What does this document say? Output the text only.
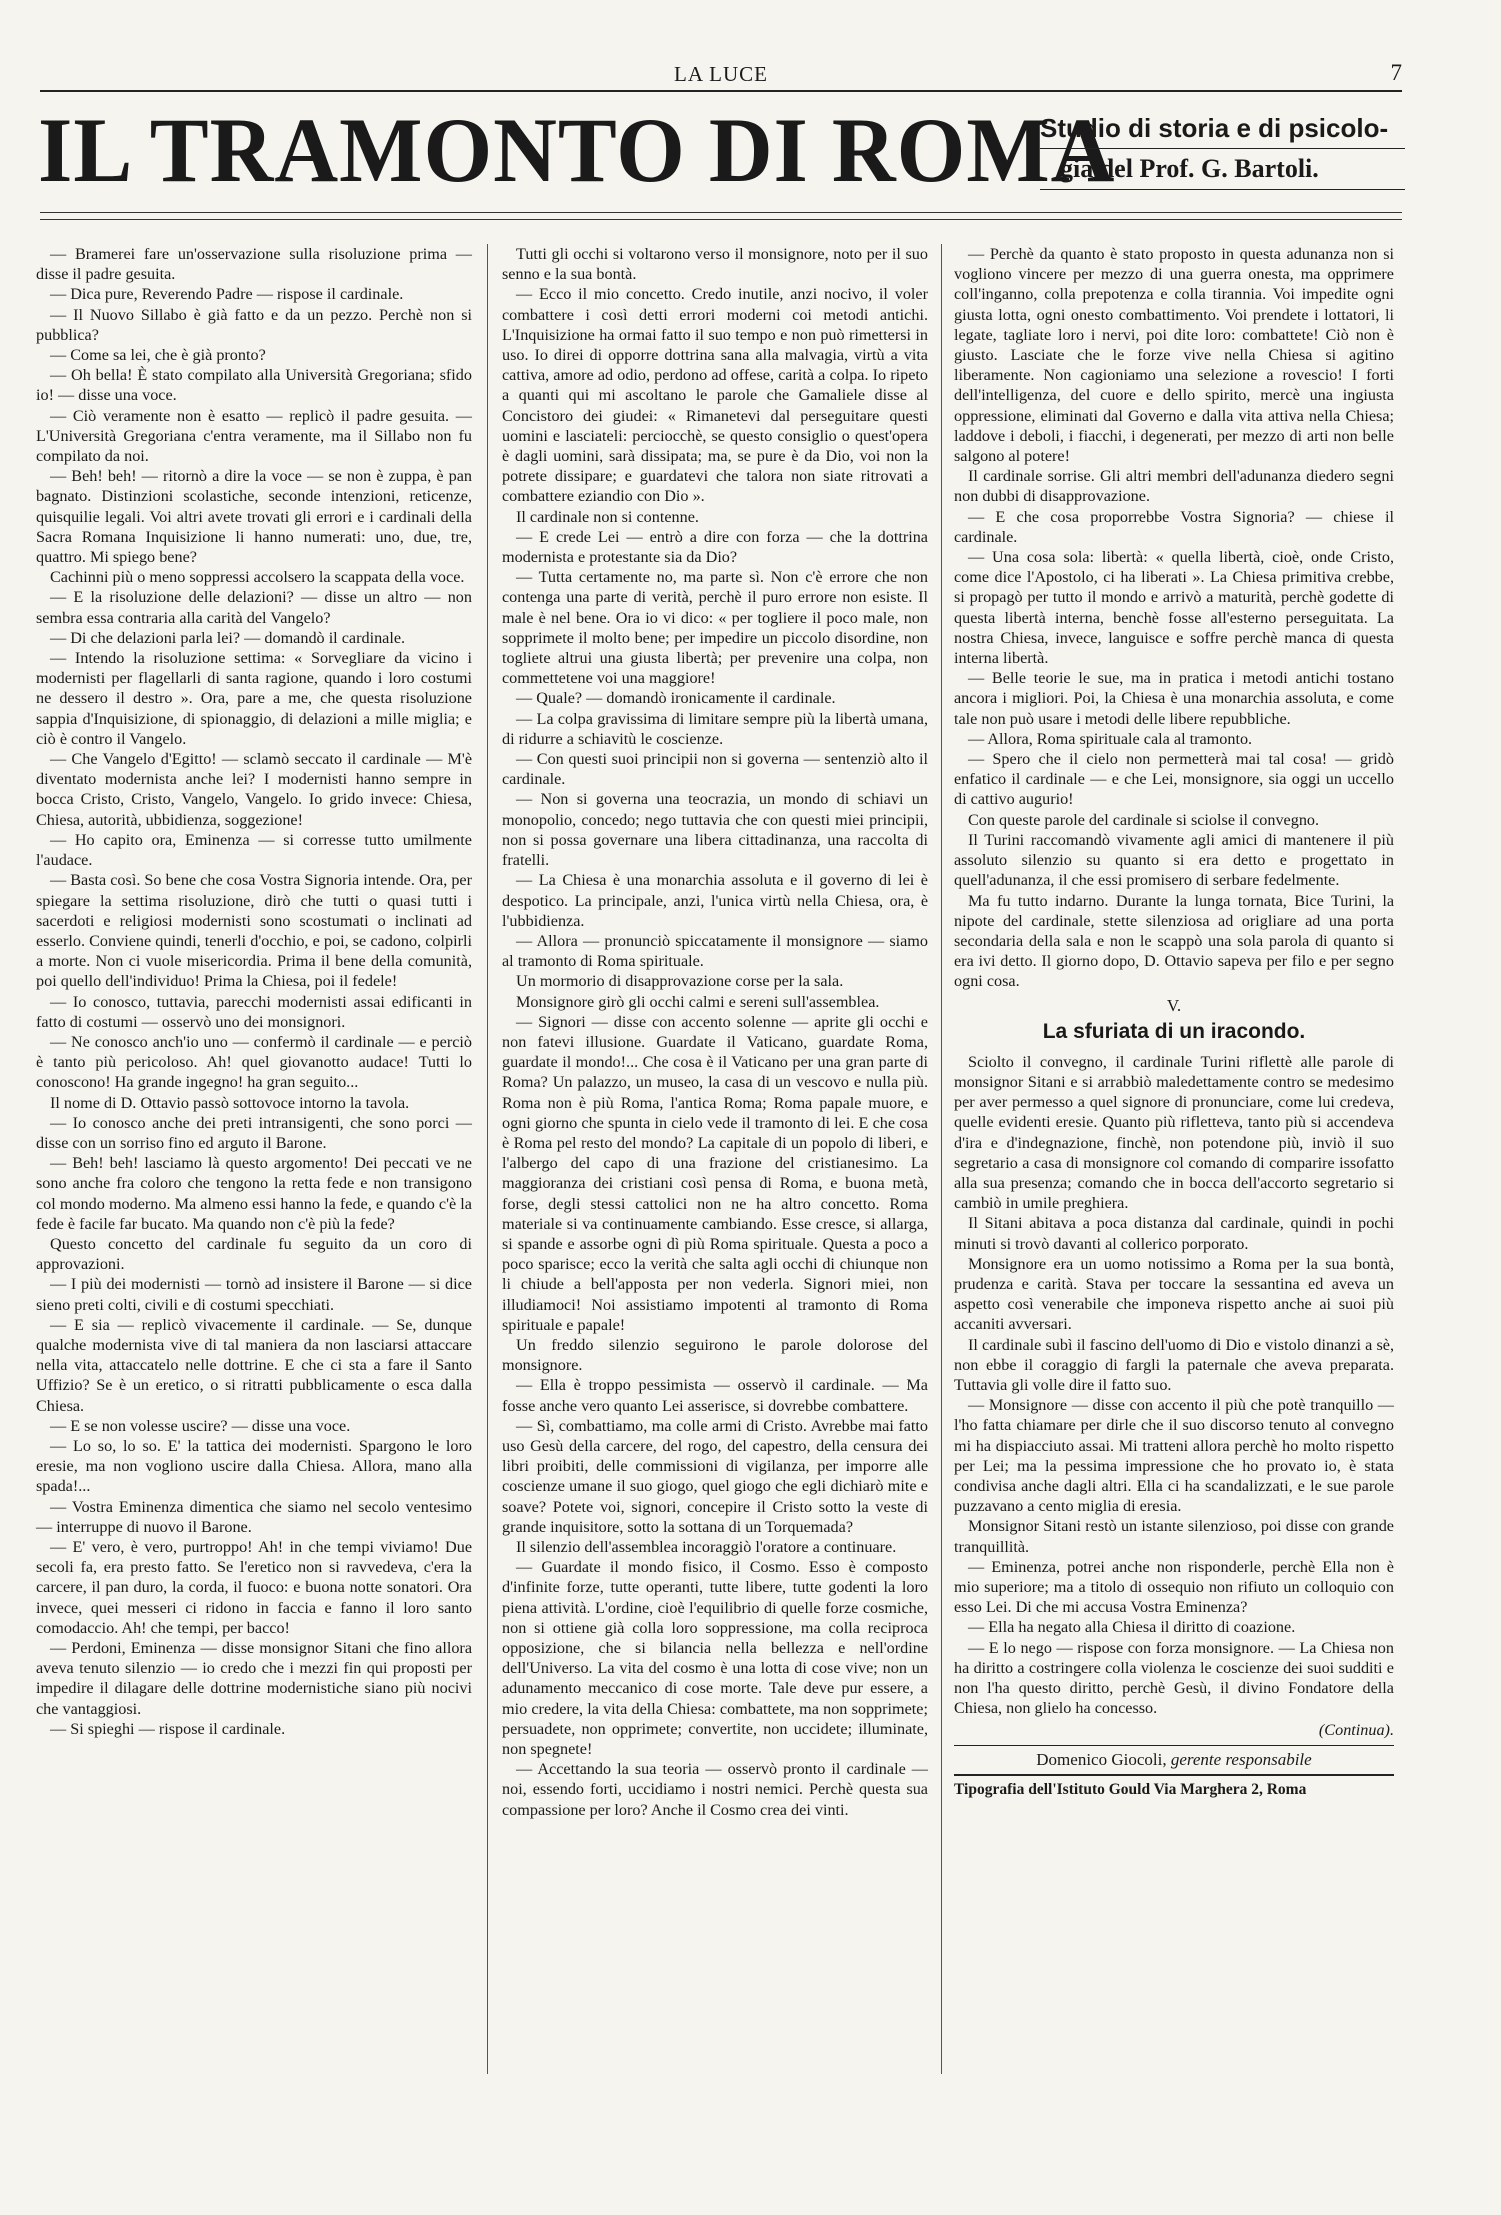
LA LUCE	7
IL TRAMONTO DI ROMA
Studio di storia e di psicolo-
gia del Prof. G. Bartoli.

— Bramerei fare un'osservazione sulla risoluzione prima — disse il padre gesuita.

— Dica pure, Reverendo Padre — rispose il cardinale.

— Il Nuovo Sillabo è già fatto e da un pezzo. Perchè non si pubblica?

— Come sa lei, che è già pronto?

— Oh bella! È stato compilato alla Università Gregoriana; sfido io! — disse una voce.

— Ciò veramente non è esatto — replicò il padre gesuita. — L'Università Gregoriana c'entra veramente, ma il Sillabo non fu compilato da noi.

— Beh! beh! — ritornò a dire la voce — se non è zuppa, è pan bagnato. Distinzioni scolastiche, seconde intenzioni, reticenze, quisquilie legali. Voi altri avete trovati gli errori e i cardinali della Sacra Romana Inquisizione li hanno numerati: uno, due, tre, quattro. Mi spiego bene?

Cachinni più o meno soppressi accolsero la scappata della voce.

— E la risoluzione delle delazioni? — disse un altro — non sembra essa contraria alla carità del Vangelo?

— Di che delazioni parla lei? — domandò il cardinale.

— Intendo la risoluzione settima: « Sorvegliare da vicino i modernisti per flagellarli di santa ragione, quando i loro costumi ne dessero il destro ». Ora, pare a me, che questa risoluzione sappia d'Inquisizione, di spionaggio, di delazioni a mille miglia; e ciò è contro il Vangelo.

— Che Vangelo d'Egitto! — sclamò seccato il cardinale — M'è diventato modernista anche lei? I modernisti hanno sempre in bocca Cristo, Cristo, Vangelo, Vangelo. Io grido invece: Chiesa, Chiesa, autorità, ubbidienza, soggezione!

— Ho capito ora, Eminenza — si corresse tutto umilmente l'audace.

— Basta così. So bene che cosa Vostra Signoria intende. Ora, per spiegare la settima risoluzione, dirò che tutti o quasi tutti i sacerdoti e religiosi modernisti sono scostumati o inclinati ad esserlo. Conviene quindi, tenerli d'occhio, e poi, se cadono, colpirli a morte. Non ci vuole misericordia. Prima il bene della comunità, poi quello dell'individuo! Prima la Chiesa, poi il fedele!

— Io conosco, tuttavia, parecchi modernisti assai edificanti in fatto di costumi — osservò uno dei monsignori.

— Ne conosco anch'io uno — confermò il cardinale — e perciò è tanto più pericoloso. Ah! quel giovanotto audace! Tutti lo conoscono! Ha grande ingegno! ha gran seguito...

Il nome di D. Ottavio passò sottovoce intorno la tavola.

— Io conosco anche dei preti intransigenti, che sono porci — disse con un sorriso fino ed arguto il Barone.

— Beh! beh! lasciamo là questo argomento! Dei peccati ve ne sono anche fra coloro che tengono la retta fede e non transigono col mondo moderno. Ma almeno essi hanno la fede, e quando c'è la fede è facile far bucato. Ma quando non c'è più la fede?

Questo concetto del cardinale fu seguito da un coro di approvazioni.

— I più dei modernisti — tornò ad insistere il Barone — si dice sieno preti colti, civili e di costumi specchiati.

— E sia — replicò vivacemente il cardinale. — Se, dunque qualche modernista vive di tal maniera da non lasciarsi attaccare nella vita, attaccatelo nelle dottrine. E che ci sta a fare il Santo Uffizio? Se è un eretico, o si ritratti pubblicamente o esca dalla Chiesa.

— E se non volesse uscire? — disse una voce.

— Lo so, lo so. E' la tattica dei modernisti. Spargono le loro eresie, ma non vogliono uscire dalla Chiesa. Allora, mano alla spada!...

— Vostra Eminenza dimentica che siamo nel secolo ventesimo — interruppe di nuovo il Barone.

— E' vero, è vero, purtroppo! Ah! in che tempi viviamo! Due secoli fa, era presto fatto. Se l'eretico non si ravvedeva, c'era la carcere, il pan duro, la corda, il fuoco: e buona notte sonatori. Ora invece, quei messeri ci ridono in faccia e fanno il loro santo comodaccio. Ah! che tempi, per bacco!

— Perdoni, Eminenza — disse monsignor Sitani che fino allora aveva tenuto silenzio — io credo che i mezzi fin qui proposti per impedire il dilagare delle dottrine modernistiche siano più nocivi che vantaggiosi.

— Si spieghi — rispose il cardinale.

Tutti gli occhi si voltarono verso il monsignore, noto per il suo senno e la sua bontà.

— Ecco il mio concetto. Credo inutile, anzi nocivo, il voler combattere i così detti errori moderni coi metodi antichi. L'Inquisizione ha ormai fatto il suo tempo e non può rimettersi in uso. Io direi di opporre dottrina sana alla malvagia, virtù a vita cattiva, amore ad odio, perdono ad offese, carità a colpa. Io ripeto a quanti qui mi ascoltano le parole che Gamaliele disse al Concistoro dei giudei: « Rimanetevi dal perseguitare questi uomini e lasciateli: perciocchè, se questo consiglio o quest'opera è dagli uomini, sarà dissipata; ma, se pure è da Dio, voi non la potrete dissipare; e guardatevi che talora non siate ritrovati a combattere eziandio con Dio ».

Il cardinale non si contenne.

— E crede Lei — entrò a dire con forza — che la dottrina modernista e protestante sia da Dio?

— Tutta certamente no, ma parte sì. Non c'è errore che non contenga una parte di verità, perchè il puro errore non esiste. Il male è nel bene. Ora io vi dico: « per togliere il poco male, non sopprimete il molto bene; per impedire un piccolo disordine, non togliete altrui una giusta libertà; per prevenire una colpa, non commettetene voi una maggiore!

— Quale? — domandò ironicamente il cardinale.

— La colpa gravissima di limitare sempre più la libertà umana, di ridurre a schiavitù le coscienze.

— Con questi suoi principii non si governa — sentenziò alto il cardinale.

— Non si governa una teocrazia, un mondo di schiavi un monopolio, concedo; nego tuttavia che con questi miei principii, non si possa governare una libera cittadinanza, una raccolta di fratelli.

— La Chiesa è una monarchia assoluta e il governo di lei è despotico. La principale, anzi, l'unica virtù nella Chiesa, ora, è l'ubbidienza.

— Allora — pronunciò spiccatamente il monsignore — siamo al tramonto di Roma spirituale.

Un mormorio di disapprovazione corse per la sala.

Monsignore girò gli occhi calmi e sereni sull'assemblea.

— Signori — disse con accento solenne — aprite gli occhi e non fatevi illusione. Guardate il Vaticano, guardate Roma, guardate il mondo!... Che cosa è il Vaticano per una gran parte di Roma? Un palazzo, un museo, la casa di un vescovo e nulla più. Roma non è più Roma, l'antica Roma; Roma papale muore, e ogni giorno che spunta in cielo vede il tramonto di lei. E che cosa è Roma pel resto del mondo? La capitale di un popolo di liberi, e l'albergo del capo di una frazione del cristianesimo. La maggioranza dei cristiani così pensa di Roma, e buona metà, forse, degli stessi cattolici non ne ha altro concetto. Roma materiale si va continuamente cambiando. Esse cresce, si allarga, si spande e assorbe ogni dì più Roma spirituale. Questa a poco a poco sparisce; ecco la verità che salta agli occhi di chiunque non li chiude a bell'apposta per non vederla. Signori miei, non illudiamoci! Noi assistiamo impotenti al tramonto di Roma spirituale e papale!

Un freddo silenzio seguirono le parole dolorose del monsignore.

— Ella è troppo pessimista — osservò il cardinale. — Ma fosse anche vero quanto Lei asserisce, si dovrebbe combattere.

— Sì, combattiamo, ma colle armi di Cristo. Avrebbe mai fatto uso Gesù della carcere, del rogo, del capestro, della censura dei libri proibiti, delle commissioni di vigilanza, per imporre alle coscienze umane il suo giogo, quel giogo che egli dichiarò mite e soave? Potete voi, signori, concepire il Cristo sotto la veste di grande inquisitore, sotto la sottana di un Torquemada?

Il silenzio dell'assemblea incoraggiò l'oratore a continuare.

— Guardate il mondo fisico, il Cosmo. Esso è composto d'infinite forze, tutte operanti, tutte libere, tutte godenti la loro piena attività. L'ordine, cioè l'equilibrio di quelle forze cosmiche, non si ottiene già colla loro soppressione, ma colla reciproca opposizione, che si bilancia nella bellezza e nell'ordine dell'Universo. La vita del cosmo è una lotta di cose vive; non un adunamento meccanico di cose morte. Tale deve pur essere, a mio credere, la vita della Chiesa: combattete, ma non sopprimete; persuadete, non opprimete; convertite, non uccidete; illuminate, non spegnete!

— Accettando la sua teoria — osservò pronto il cardinale — noi, essendo forti, uccidiamo i nostri nemici. Perchè questa sua compassione per loro? Anche il Cosmo crea dei vinti.

— Perchè da quanto è stato proposto in questa adunanza non si vogliono vincere per mezzo di una guerra onesta, ma opprimere coll'inganno, colla prepotenza e colla tirannia. Voi impedite ogni giusta lotta, ogni onesto combattimento. Voi prendete i lottatori, li legate, tagliate loro i nervi, poi dite loro: combattete! Ciò non è giusto. Lasciate che le forze vive nella Chiesa si agitino liberamente. Non cagioniamo una selezione a rovescio! I forti dell'intelligenza, del cuore e dello spirito, mercè una ingiusta oppressione, eliminati dal Governo e dalla vita attiva nella Chiesa; laddove i deboli, i fiacchi, i degenerati, per mezzo di arti non belle salgono al potere!

Il cardinale sorrise. Gli altri membri dell'adunanza diedero segni non dubbi di disapprovazione.

— E che cosa proporrebbe Vostra Signoria? — chiese il cardinale.

— Una cosa sola: libertà: « quella libertà, cioè, onde Cristo, come dice l'Apostolo, ci ha liberati ». La Chiesa primitiva crebbe, si propagò per tutto il mondo e arrivò a maturità, perchè godette di questa libertà interna, benchè fosse all'esterno perseguitata. La nostra Chiesa, invece, languisce e soffre perchè manca di questa interna libertà.

— Belle teorie le sue, ma in pratica i metodi antichi tostano ancora i migliori. Poi, la Chiesa è una monarchia assoluta, e come tale non può usare i metodi delle libere repubbliche.

— Allora, Roma spirituale cala al tramonto.

— Spero che il cielo non permetterà mai tal cosa! — gridò enfatico il cardinale — e che Lei, monsignore, sia oggi un uccello di cattivo augurio!

Con queste parole del cardinale si sciolse il convegno.

Il Turini raccomandò vivamente agli amici di mantenere il più assoluto silenzio su quanto si era detto e progettato in quell'adunanza, il che essi promisero di serbare fedelmente.

Ma fu tutto indarno. Durante la lunga tornata, Bice Turini, la nipote del cardinale, stette silenziosa ad origliare ad una porta secondaria della sala e non le scappò una sola parola di quanto si era ivi detto. Il giorno dopo, D. Ottavio sapeva per filo e per segno ogni cosa.

V.
La sfuriata di un iracondo.

Sciolto il convegno, il cardinale Turini riflettè alle parole di monsignor Sitani e si arrabbiò maledettamente contro se medesimo per aver permesso a quel signore di pronunciare, come lui credeva, quelle evidenti eresie. Quanto più rifletteva, tanto più si accendeva d'ira e d'indegnazione, finchè, non potendone più, inviò il suo segretario a casa di monsignore col comando di comparire issofatto alla sua presenza; comando che in bocca dell'accorto segretario si cambiò in umile preghiera.

Il Sitani abitava a poca distanza dal cardinale, quindi in pochi minuti si trovò davanti al collerico porporato.

Monsignore era un uomo notissimo a Roma per la sua bontà, prudenza e carità. Stava per toccare la sessantina ed aveva un aspetto così venerabile che imponeva rispetto anche ai suoi più accaniti avversari.

Il cardinale subì il fascino dell'uomo di Dio e vistolo dinanzi a sè, non ebbe il coraggio di fargli la paternale che aveva preparata. Tuttavia gli volle dire il fatto suo.

— Monsignore — disse con accento il più che potè tranquillo — l'ho fatta chiamare per dirle che il suo discorso tenuto al convegno mi ha dispiacciuto assai. Mi tratteni allora perchè ho molto rispetto per Lei; ma la pessima impressione che ho provato io, è stata condivisa anche dagli altri. Ella ci ha scandalizzati, e le sue parole puzzavano a cento miglia di eresia.

Monsignor Sitani restò un istante silenzioso, poi disse con grande tranquillità.

— Eminenza, potrei anche non risponderle, perchè Ella non è mio superiore; ma a titolo di ossequio non rifiuto un colloquio con esso Lei. Di che mi accusa Vostra Eminenza?

— Ella ha negato alla Chiesa il diritto di coazione.

— E lo nego — rispose con forza monsignore. — La Chiesa non ha diritto a costringere colla violenza le coscienze dei suoi sudditi e non l'ha questo diritto, perchè Gesù, il divino Fondatore della Chiesa, non glielo ha concesso.

(Continua).
Domenico Giocoli, gerente responsabile
Tipografia dell'Istituto Gould Via Marghera 2, Roma
